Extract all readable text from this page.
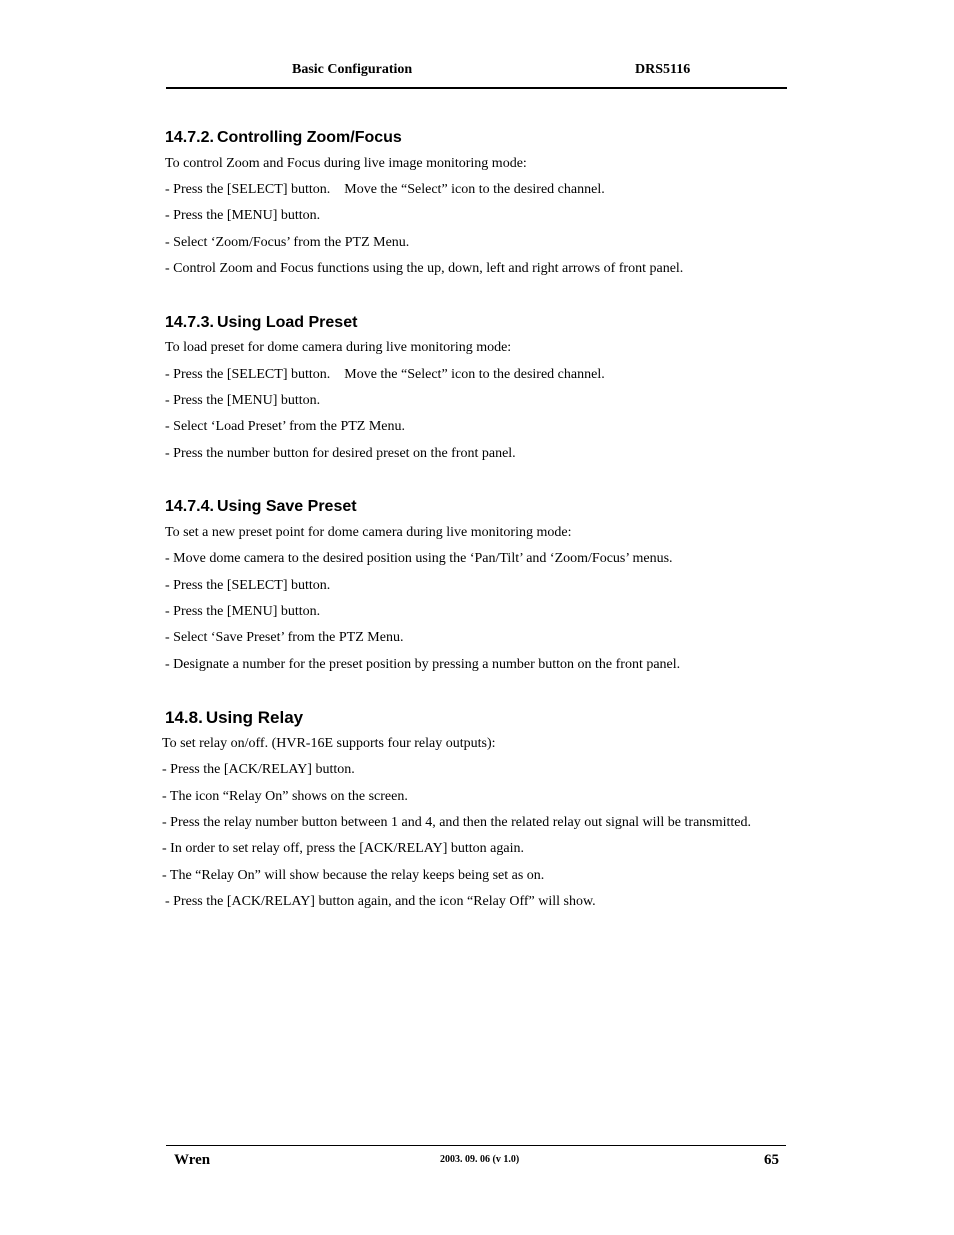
Basic Configuration	DRS5116
14.7.2. Controlling Zoom/Focus
To control Zoom and Focus during live image monitoring mode:
- Press the [SELECT] button.    Move the “Select” icon to the desired channel.
- Press the [MENU] button.
- Select ‘Zoom/Focus’ from the PTZ Menu.
- Control Zoom and Focus functions using the up, down, left and right arrows of front panel.
14.7.3. Using Load Preset
To load preset for dome camera during live monitoring mode:
- Press the [SELECT] button.    Move the “Select” icon to the desired channel.
- Press the [MENU] button.
- Select ‘Load Preset’ from the PTZ Menu.
- Press the number button for desired preset on the front panel.
14.7.4. Using Save Preset
To set a new preset point for dome camera during live monitoring mode:
- Move dome camera to the desired position using the ‘Pan/Tilt’ and ‘Zoom/Focus’ menus.
- Press the [SELECT] button.
- Press the [MENU] button.
- Select ‘Save Preset’ from the PTZ Menu.
- Designate a number for the preset position by pressing a number button on the front panel.
14.8. Using Relay
To set relay on/off. (HVR-16E supports four relay outputs):
- Press the [ACK/RELAY] button.
- The icon “Relay On” shows on the screen.
- Press the relay number button between 1 and 4, and then the related relay out signal will be transmitted.
- In order to set relay off, press the [ACK/RELAY] button again.
- The “Relay On” will show because the relay keeps being set as on.
- Press the [ACK/RELAY] button again, and the icon “Relay Off” will show.
Wren	2003. 09. 06 (v 1.0)	65
